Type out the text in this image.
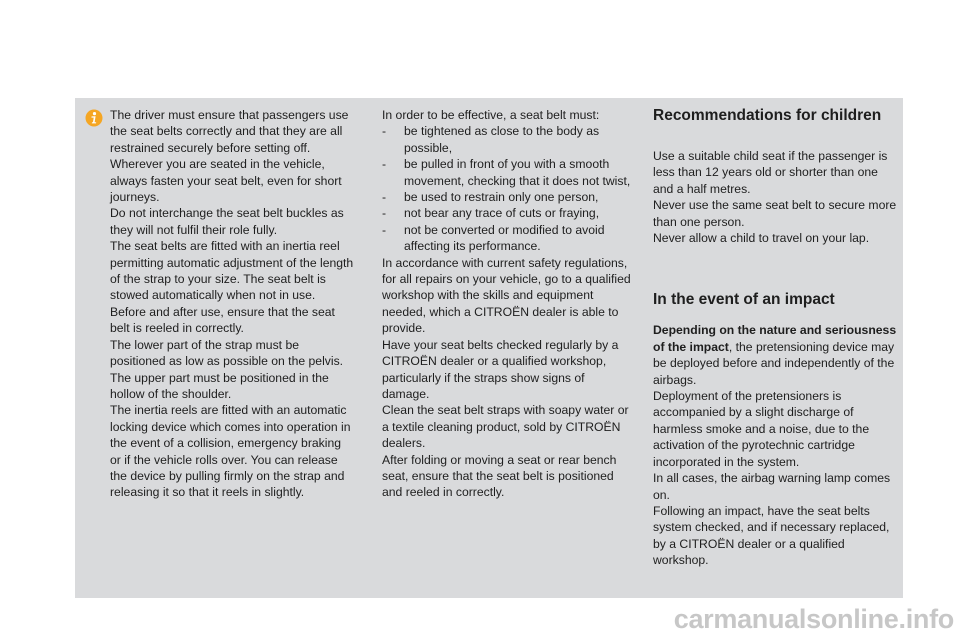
The driver must ensure that passengers use the seat belts correctly and that they are all restrained securely before setting off.

Wherever you are seated in the vehicle, always fasten your seat belt, even for short journeys.

Do not interchange the seat belt buckles as they will not fulfil their role fully.

The seat belts are fitted with an inertia reel permitting automatic adjustment of the length of the strap to your size. The seat belt is stowed automatically when not in use.

Before and after use, ensure that the seat belt is reeled in correctly.

The lower part of the strap must be positioned as low as possible on the pelvis.

The upper part must be positioned in the hollow of the shoulder.

The inertia reels are fitted with an automatic locking device which comes into operation in the event of a collision, emergency braking or if the vehicle rolls over. You can release the device by pulling firmly on the strap and releasing it so that it reels in slightly.

In order to be effective, a seat belt must:

- be tightened as close to the body as possible,

- be pulled in front of you with a smooth movement, checking that it does not twist,

- be used to restrain only one person,

- not bear any trace of cuts or fraying,

- not be converted or modified to avoid affecting its performance.

In accordance with current safety regulations, for all repairs on your vehicle, go to a qualified workshop with the skills and equipment needed, which a CITROËN dealer is able to provide.

Have your seat belts checked regularly by a CITROËN dealer or a qualified workshop, particularly if the straps show signs of damage.

Clean the seat belt straps with soapy water or a textile cleaning product, sold by CITROËN dealers.

After folding or moving a seat or rear bench seat, ensure that the seat belt is positioned and reeled in correctly.

Recommendations for children

Use a suitable child seat if the passenger is less than 12 years old or shorter than one and a half metres.

Never use the same seat belt to secure more than one person.

Never allow a child to travel on your lap.

In the event of an impact

Depending on the nature and seriousness of the impact, the pretensioning device may be deployed before and independently of the airbags.

Deployment of the pretensioners is accompanied by a slight discharge of harmless smoke and a noise, due to the activation of the pyrotechnic cartridge incorporated in the system.

In all cases, the airbag warning lamp comes on.

Following an impact, have the seat belts system checked, and if necessary replaced, by a CITROËN dealer or a qualified workshop.

carmanualsonline.info
